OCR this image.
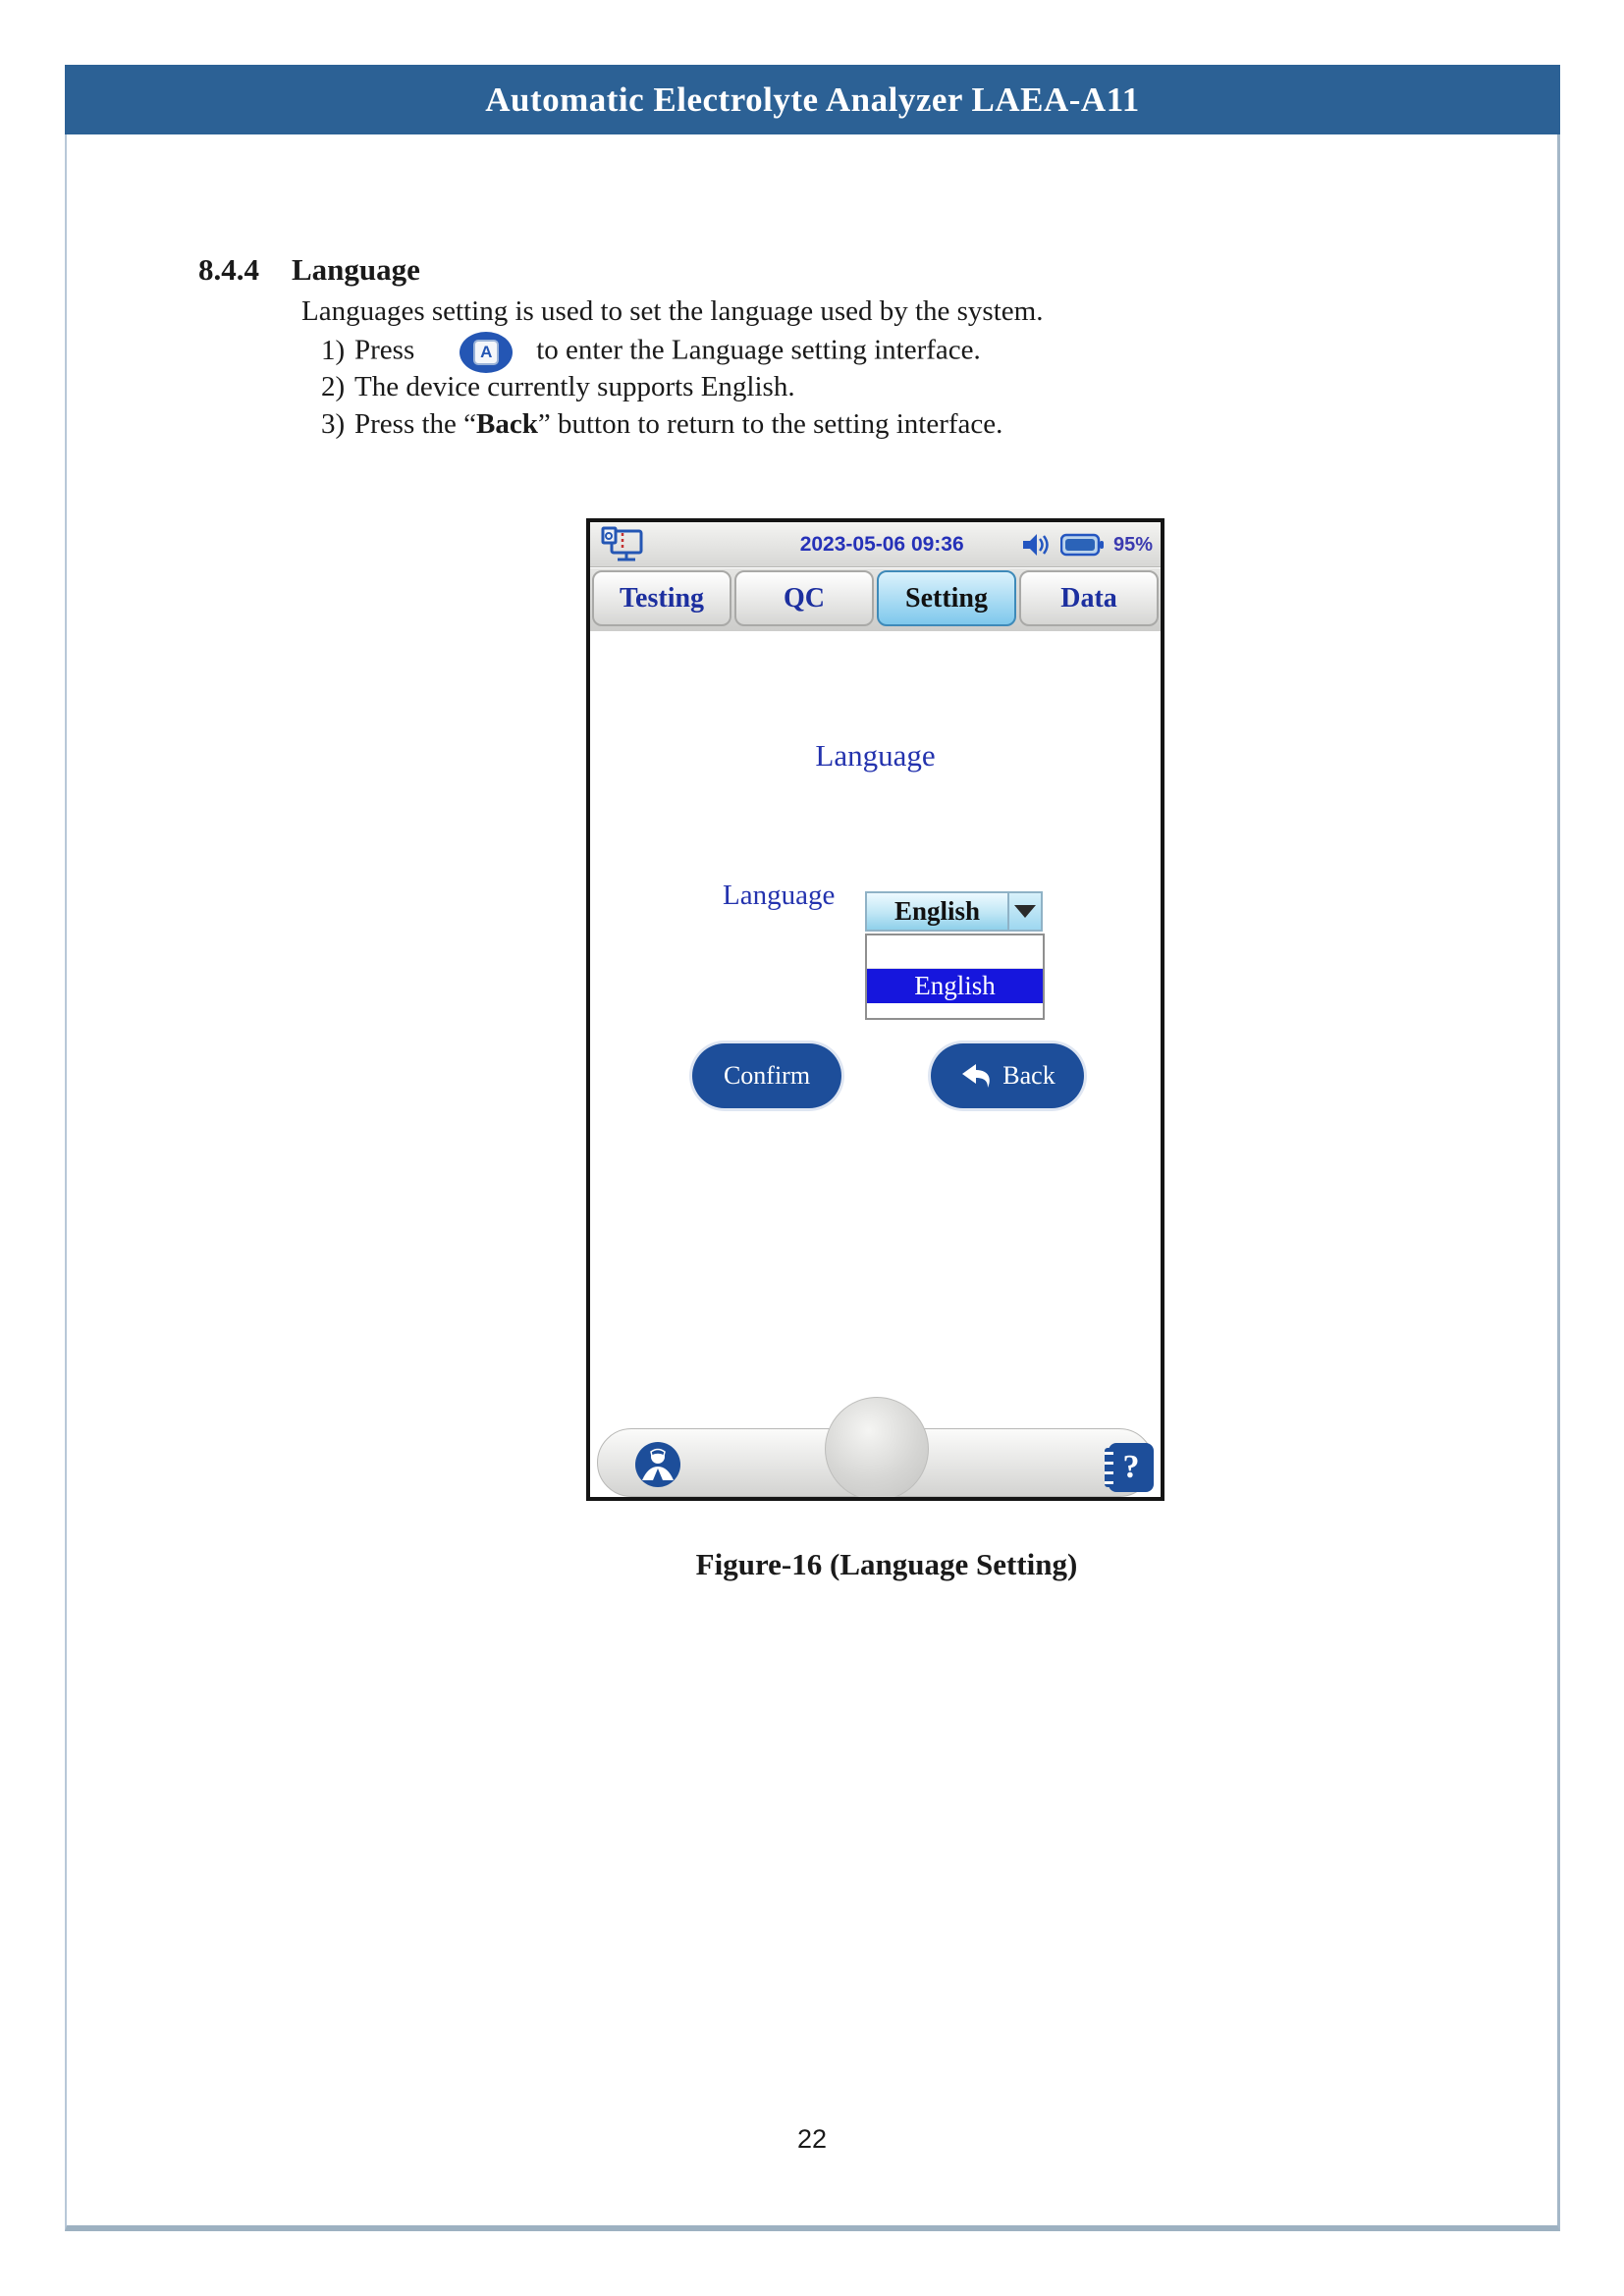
Automatic Electrolyte Analyzer LAEA-A11
8.4.4 Language
Languages setting is used to set the language used by the system.
1) Press	A to enter the Language setting interface.
2) The device currently supports English.
3) Press the “Back” button to return to the setting interface.
2023-05-06 09:36	95%
Testing	QC	Setting	Data
Language
Language	English
English
Confirm	Back
?
Figure-16 (Language Setting)
22
